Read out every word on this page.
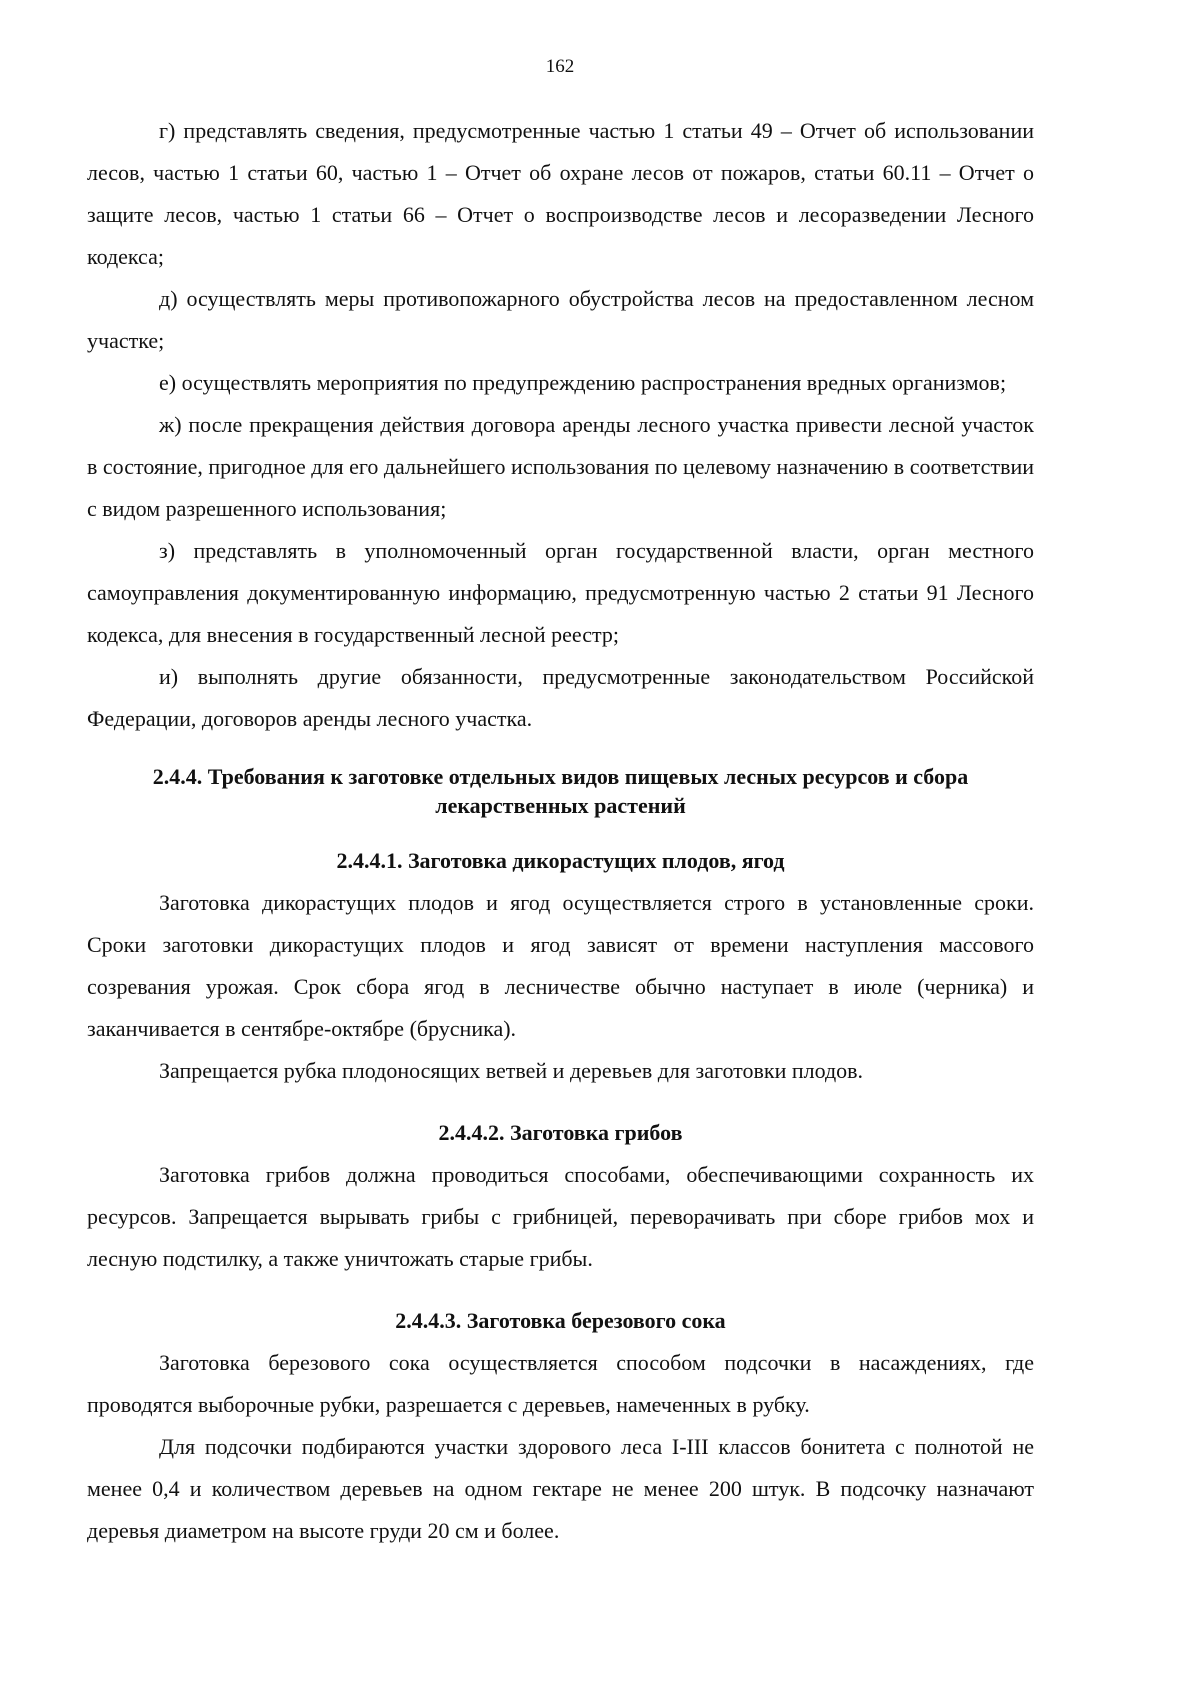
162

г) представлять сведения, предусмотренные частью 1 статьи 49 – Отчет об использовании лесов, частью 1 статьи 60, частью 1 – Отчет об охране лесов от пожаров, статьи 60.11 – Отчет о защите лесов, частью 1 статьи 66 – Отчет о воспроизводстве лесов и лесоразведении Лесного кодекса;

д) осуществлять меры противопожарного обустройства лесов на предоставленном лесном участке;

е) осуществлять мероприятия по предупреждению распространения вредных организмов;

ж) после прекращения действия договора аренды лесного участка привести лесной участок в состояние, пригодное для его дальнейшего использования по целевому назначению в соответствии с видом разрешенного использования;

з) представлять в уполномоченный орган государственной власти, орган местного самоуправления документированную информацию, предусмотренную частью 2 статьи 91 Лесного кодекса, для внесения в государственный лесной реестр;

и) выполнять другие обязанности, предусмотренные законодательством Российской Федерации, договоров аренды лесного участка.

2.4.4. Требования к заготовке отдельных видов пищевых лесных ресурсов и сбора
лекарственных растений
2.4.4.1. Заготовка дикорастущих плодов, ягод

Заготовка дикорастущих плодов и ягод осуществляется строго в установленные сроки. Сроки заготовки дикорастущих плодов и ягод зависят от времени наступления массового созревания урожая. Срок сбора ягод в лесничестве обычно наступает в июле (черника) и заканчивается в сентябре-октябре (брусника).

Запрещается рубка плодоносящих ветвей и деревьев для заготовки плодов.

2.4.4.2. Заготовка грибов

Заготовка грибов должна проводиться способами, обеспечивающими сохранность их ресурсов. Запрещается вырывать грибы с грибницей, переворачивать при сборе грибов мох и лесную подстилку, а также уничтожать старые грибы.

2.4.4.3. Заготовка березового сока

Заготовка березового сока осуществляется способом подсочки в насаждениях, где проводятся выборочные рубки, разрешается с деревьев, намеченных в рубку.

Для подсочки подбираются участки здорового леса I-III классов бонитета с полнотой не менее 0,4 и количеством деревьев на одном гектаре не менее 200 штук. В подсочку назначают деревья диаметром на высоте груди 20 см и более.
